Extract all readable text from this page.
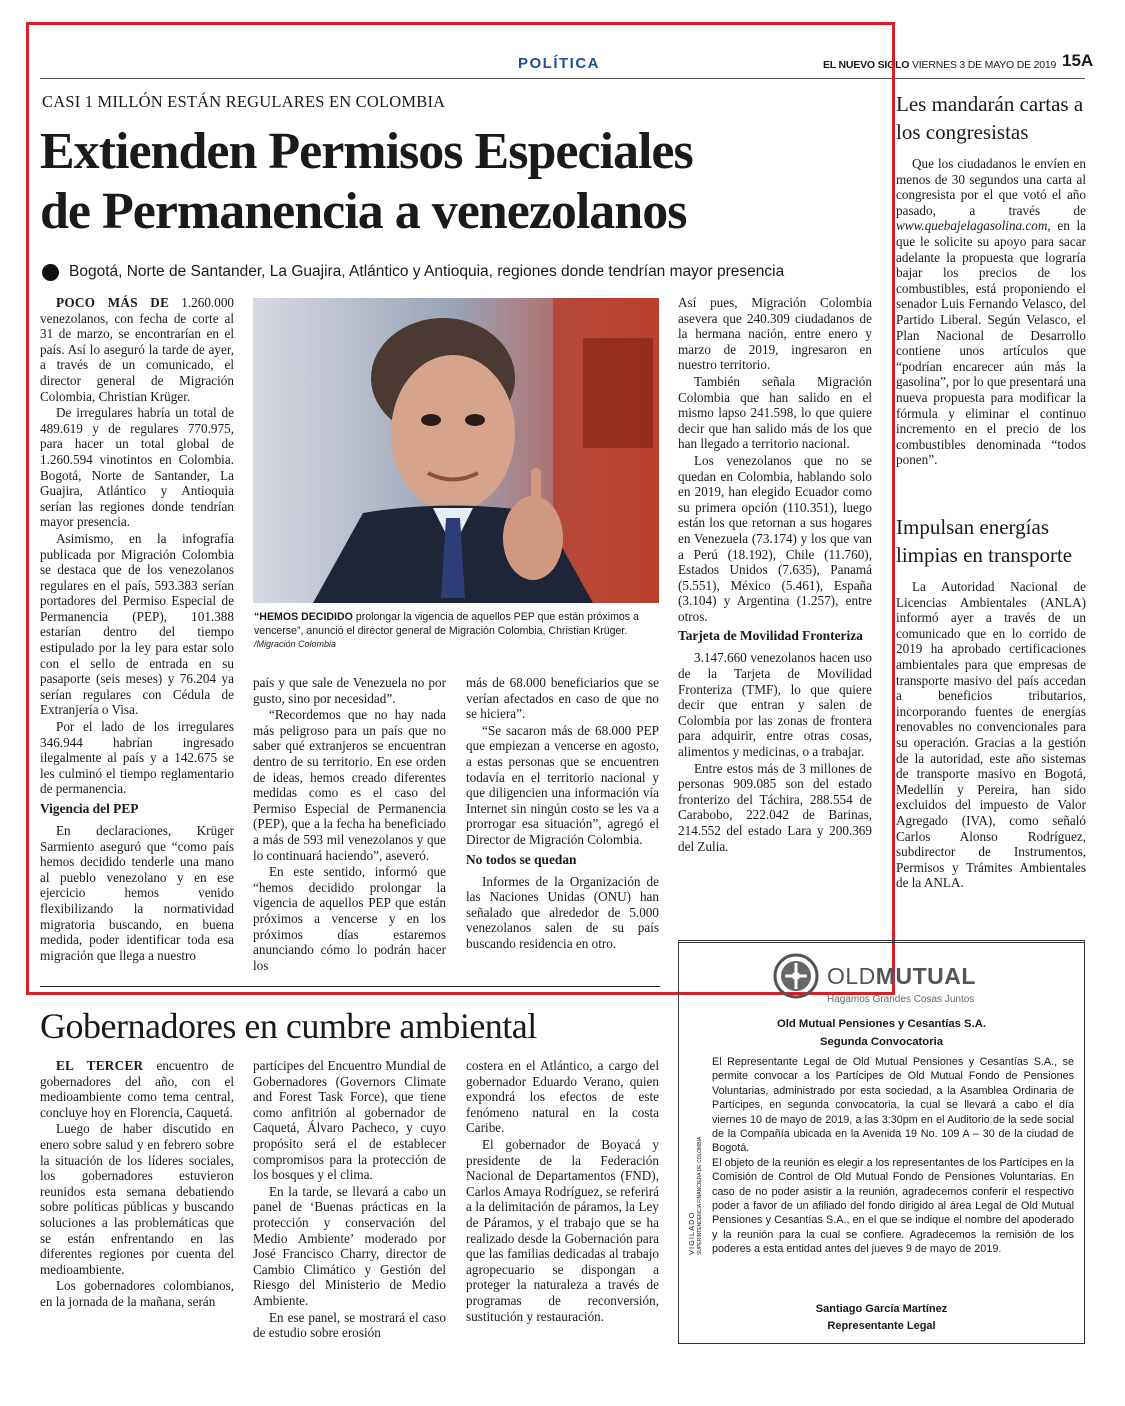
POLÍTICA	EL NUEVO SIGLO VIERNES 3 DE MAYO DE 2019 15A
CASI 1 MILLÓN ESTÁN REGULARES EN COLOMBIA
Extienden Permisos Especiales
de Permanencia a venezolanos
Bogotá, Norte de Santander, La Guajira, Atlántico y Antioquia, regiones donde tendrían mayor presencia

POCO MÁS DE 1.260.000 venezolanos, con fecha de corte al 31 de marzo, se encontrarían en el país. Así lo aseguró la tarde de ayer, a través de un comunicado, el director general de Migración Colombia, Christian Krüger.

De irregulares habría un total de 489.619 y de regulares 770.975, para hacer un total global de 1.260.594 vinotintos en Colombia. Bogotá, Norte de Santander, La Guajira, Atlántico y Antioquia serían las regiones donde tendrían mayor presencia.

Asimismo, en la infografía publicada por Migración Colombia se destaca que de los venezolanos regulares en el país, 593.383 serían portadores del Permiso Especial de Permanencia (PEP), 101.388 estarían dentro del tiempo estipulado por la ley para estar solo con el sello de entrada en su pasaporte (seis meses) y 76.204 ya serían regulares con Cédula de Extranjería o Visa.

Por el lado de los irregulares 346.944 habrían ingresado ilegalmente al país y a 142.675 se les culminó el tiempo reglamentario de permanencia.

Vigencia del PEP

En declaraciones, Krüger Sarmiento aseguró que “como país hemos decidido tenderle una mano al pueblo venezolano y en ese ejercicio hemos venido flexibilizando la normatividad migratoria buscando, en buena medida, poder identificar toda esa migración que llega a nuestro

“HEMOS DECIDIDO prolongar la vigencia de aquellos PEP que están próximos a vencerse”, anunció el director general de Migración Colombia, Christian Krüger. /Migración Colombia

país y que sale de Venezuela no por gusto, sino por necesidad”.

“Recordemos que no hay nada más peligroso para un país que no saber qué extranjeros se encuentran dentro de su territorio. En ese orden de ideas, hemos creado diferentes medidas como es el caso del Permiso Especial de Permanencia (PEP), que a la fecha ha beneficiado a más de 593 mil venezolanos y que lo continuará haciendo”, aseveró.

En este sentido, informó que “hemos decidido prolongar la vigencia de aquellos PEP que están próximos a vencerse y en los próximos días estaremos anunciando cómo lo podrán hacer los

más de 68.000 beneficiarios que se verían afectados en caso de que no se hiciera”.

“Se sacaron más de 68.000 PEP que empiezan a vencerse en agosto, a estas personas que se encuentren todavía en el territorio nacional y que diligencien una información vía Internet sin ningún costo se les va a prorrogar esa situación”, agregó el Director de Migración Colombia.

No todos se quedan

Informes de la Organización de las Naciones Unidas (ONU) han señalado que alrededor de 5.000 venezolanos salen de su país buscando residencia en otro.

Así pues, Migración Colombia asevera que 240.309 ciudadanos de la hermana nación, entre enero y marzo de 2019, ingresaron en nuestro territorio.

También señala Migración Colombia que han salido en el mismo lapso 241.598, lo que quiere decir que han salido más de los que han llegado a territorio nacional.

Los venezolanos que no se quedan en Colombia, hablando solo en 2019, han elegido Ecuador como su primera opción (110.351), luego están los que retornan a sus hogares en Venezuela (73.174) y los que van a Perú (18.192), Chile (11.760), Estados Unidos (7.635), Panamá (5.551), México (5.461), España (3.104) y Argentina (1.257), entre otros.

Tarjeta de Movilidad Fronteriza

3.147.660 venezolanos hacen uso de la Tarjeta de Movilidad Fronteriza (TMF), lo que quiere decir que entran y salen de Colombia por las zonas de frontera para adquirir, entre otras cosas, alimentos y medicinas, o a trabajar.

Entre estos más de 3 millones de personas 909.085 son del estado fronterizo del Táchira, 288.554 de Carabobo, 222.042 de Barinas, 214.552 del estado Lara y 200.369 del Zulia.

Les mandarán cartas a los congresistas

Que los ciudadanos le envíen en menos de 30 segundos una carta al congresista por el que votó el año pasado, a través de www.quebajelagasolina.com, en la que le solicite su apoyo para sacar adelante la propuesta que lograría bajar los precios de los combustibles, está proponiendo el senador Luis Fernando Velasco, del Partido Liberal. Según Velasco, el Plan Nacional de Desarrollo contiene unos artículos que “podrían encarecer aún más la gasolina”, por lo que presentará una nueva propuesta para modificar la fórmula y eliminar el continuo incremento en el precio de los combustibles denominada “todos ponen”.

Impulsan energías limpias en transporte

La Autoridad Nacional de Licencias Ambientales (ANLA) informó ayer a través de un comunicado que en lo corrido de 2019 ha aprobado certificaciones ambientales para que empresas de transporte masivo del país accedan a beneficios tributarios, incorporando fuentes de energías renovables no convencionales para su operación. Gracias a la gestión de la autoridad, este año sistemas de transporte masivo en Bogotá, Medellín y Pereira, han sido excluidos del impuesto de Valor Agregado (IVA), como señaló Carlos Alonso Rodríguez, subdirector de Instrumentos, Permisos y Trámites Ambientales de la ANLA.

Gobernadores en cumbre ambiental

EL TERCER encuentro de gobernadores del año, con el medioambiente como tema central, concluye hoy en Florencia, Caquetá.

Luego de haber discutido en enero sobre salud y en febrero sobre la situación de los líderes sociales, los gobernadores estuvieron reunidos esta semana debatiendo sobre políticas públicas y buscando soluciones a las problemáticas que se están enfrentando en las diferentes regiones por cuenta del medioambiente.

Los gobernadores colombianos, en la jornada de la mañana, serán

partícipes del Encuentro Mundial de Gobernadores (Governors Climate and Forest Task Force), que tiene como anfitrión al gobernador de Caquetá, Álvaro Pacheco, y cuyo propósito será el de establecer compromisos para la protección de los bosques y el clima.

En la tarde, se llevará a cabo un panel de ‘Buenas prácticas en la protección y conservación del Medio Ambiente’ moderado por José Francisco Charry, director de Cambio Climático y Gestión del Riesgo del Ministerio de Medio Ambiente.

En ese panel, se mostrará el caso de estudio sobre erosión

costera en el Atlántico, a cargo del gobernador Eduardo Verano, quien expondrá los efectos de este fenómeno natural en la costa Caribe.

El gobernador de Boyacá y presidente de la Federación Nacional de Departamentos (FND), Carlos Amaya Rodríguez, se referirá a la delimitación de páramos, la Ley de Páramos, y el trabajo que se ha realizado desde la Gobernación para que las familias dedicadas al trabajo agropecuario se dispongan a proteger la naturaleza a través de programas de reconversión, sustitución y restauración.

OLDMUTUAL
Hagamos Grandes Cosas Juntos
Old Mutual Pensiones y Cesantías S.A.
Segunda Convocatoria
VIGILADO SUPERINTENDENCIA FINANCIERA DE COLOMBIA
El Representante Legal de Old Mutual Pensiones y Cesantías S.A., se permite convocar a los Partícipes de Old Mutual Fondo de Pensiones Voluntarias, administrado por esta sociedad, a la Asamblea Ordinaria de Partícipes, en segunda convocatoria, la cual se llevará a cabo el día viernes 10 de mayo de 2019, a las 3:30pm en el Auditorio de la sede social de la Compañía ubicada en la Avenida 19 No. 109 A – 30 de la ciudad de Bogotá.
El objeto de la reunión es elegir a los representantes de los Partícipes en la Comisión de Control de Old Mutual Fondo de Pensiones Voluntarias. En caso de no poder asistir a la reunión, agradecemos conferir el respectivo poder a favor de un afiliado del fondo dirigido al área Legal de Old Mutual Pensiones y Cesantías S.A., en el que se indique el nombre del apoderado y la reunión para la cual se confiere. Agradecemos la remisión de los poderes a esta entidad antes del jueves 9 de mayo de 2019.
Santiago García Martínez
Representante Legal
